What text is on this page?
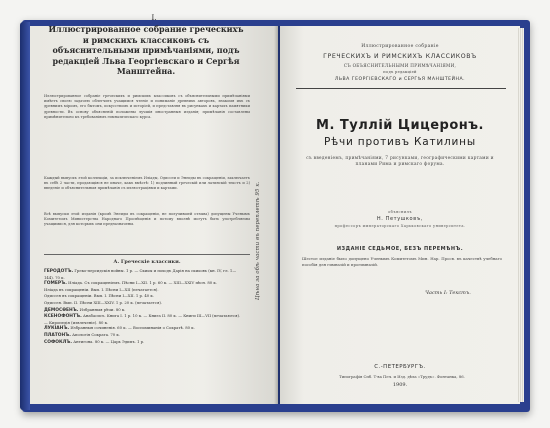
I.
Иллюстрированное собрание греческихъ и римскихъ классиковъ съ объяснительными примѣчаніями, подъ редакціей Льва Георгіевскаго и Сергѣя Манштейна.
Иллюстрированное собраніе греческихъ и римскихъ классиковъ съ объяснительными примѣчаніями имѣетъ своею задачею облегчить учащимся чтеніе и пониманіе древнихъ авторовъ, знакомя ихъ съ древнимъ міромъ, его бытомъ, искусствомъ и исторіей, и представляя въ рисункахъ и картахъ памятники древности. Въ основу объясненій положены лучшія иностранныя изданія; примѣчанія составлены примѣнительно къ требованіямъ гимназическаго курса.
Каждый выпускъ этой коллекціи, за исключеніемъ Иліады, Одиссеи и Энеиды въ сокращеніи, заключаетъ въ себѣ 2 части, продающіяся не иначе, какъ вмѣстѣ: 1) подлинный греческій или латинскій текстъ и 2) введеніе и объяснительныя примѣчанія съ иллюстраціями и картами.
Всѣ выпуски этой изданія (кромѣ Энеиды въ сокращеніи, не получившей отзыва) допущены Ученымъ Комитетомъ Министерства Народнаго Просвѣщенія и потому вполнѣ могутъ быть употребляемы учащимися, для которыхъ они предназначены.
А. Греческіе классики.
ГЕРОДОТЪ. Греко-персидскія войны. 1 р. — Скиѳы и походъ Дарія на скиѳовъ (кн. IV, гл. 1—144). 70 к.
ГОМЕРЪ. Иліада. Съ сокращеніемъ. Пѣсни I—XII. 1 р. 60 к. — XIII—XXIV пѣсн. 80 к.
Иліада въ сокращеніи. Вып. I. Пѣсни I—XII (печатается).
Одиссея въ сокращеніи. Вып. I. Пѣсни I—XII. 1 р. 40 к.
Одиссея. Вып. II. Пѣсни XIII—XXIV. 1 р. 20 к. (печатается).
ДЕМОСѲЕНЪ. Избранныя рѣчи. 80 к.
КСЕНОФОНТЪ. Анабасисъ. Книга I. 1 р. 10 к. — Книга II. 80 к. — Книги III—VII (печатаются). — Киропедія (извлеченіе). 80 к.
ЛУКІАНЪ. Избранныя сочиненія. 60 к. — Воспоминанія о Сократѣ. 80 к.
ПЛАТОНЪ. Апологія Сократа. 70 к.
СОФОКЛЪ. Антигона. 80 к. — Царь Эдипъ. 1 р.
Цѣна за обѣ части въ переплетѣ 95 к.
Иллюстрированное собраніе
ГРЕЧЕСКИХЪ И РИМСКИХЪ КЛАССИКОВЪ
СЪ ОБЪЯСНИТЕЛЬНЫМИ ПРИМѢЧАНІЯМИ,
подъ редакціей
ЛЬВА ГЕОРГІЕВСКАГО и СЕРГѢЯ МАНШТЕЙНА.
М. Туллій Цицеронъ.
Рѣчи противъ Катилины
съ введеніемъ, примѣчаніями, 7 рисунками, географическими картами и планами Рима и римскаго форума.
объяснилъ
Н. Петушковъ,
профессоръ императорскаго Харьковскаго университета.
ИЗДАНІЕ СЕДЬМОЕ, БЕЗЪ ПЕРЕМѢНЪ.
Шестое изданіе было допущено Ученымъ Комитетомъ Мин. Нар. Просв. въ качествѣ учебнаго пособія для гимназій и прогимназій.
Часть I: Текстъ.
С.-ПЕТЕРБУРГЪ.
Типографія Спб. Т-ва Печ. и Изд. дѣла «Трудъ». Фонтанка, 86.
1909.
